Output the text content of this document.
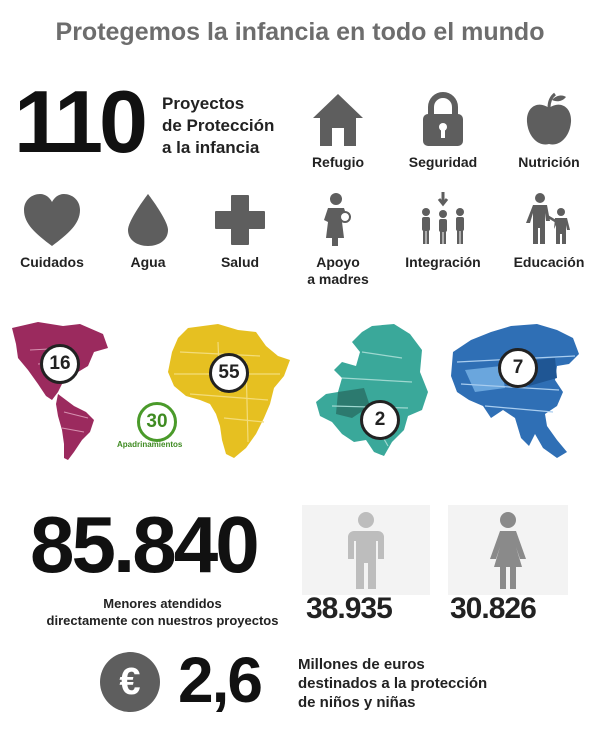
Protegemos la infancia en todo el mundo
110 Proyectos
de Protección
a la infancia
Refugio	Seguridad	Nutrición
Cuidados	Agua	Salud	Apoyo
a madres
Integración	Educación
16	55
30
Apadrinamientos
2
7
85.840
Menores atendidos
directamente con nuestros proyectos 38.935 30.826
€ 2,6 Millones de euros
destinados a la protección
de niños y niñas
